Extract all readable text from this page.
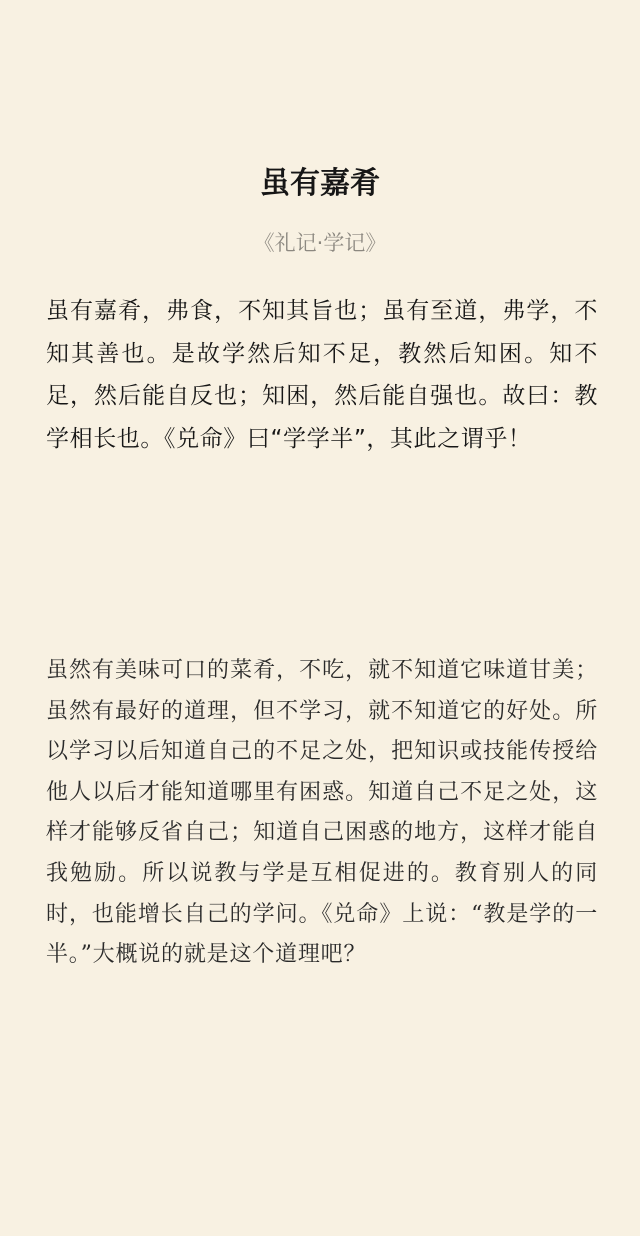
虽有嘉肴

《礼记·学记》

虽有嘉肴，弗食，不知其旨也；虽有至道，弗学，不知其善也。是故学然后知不足，教然后知困。知不足，然后能自反也；知困，然后能自强也。故曰：教学相长也。《兑命》曰“学学半”，其此之谓乎！

虽然有美味可口的菜肴，不吃，就不知道它味道甘美；虽然有最好的道理，但不学习，就不知道它的好处。所以学习以后知道自己的不足之处，把知识或技能传授给他人以后才能知道哪里有困惑。知道自己不足之处，这样才能够反省自己；知道自己困惑的地方，这样才能自我勉励。所以说教与学是互相促进的。教育别人的同时，也能增长自己的学问。《兑命》上说：“教是学的一半。”大概说的就是这个道理吧？
